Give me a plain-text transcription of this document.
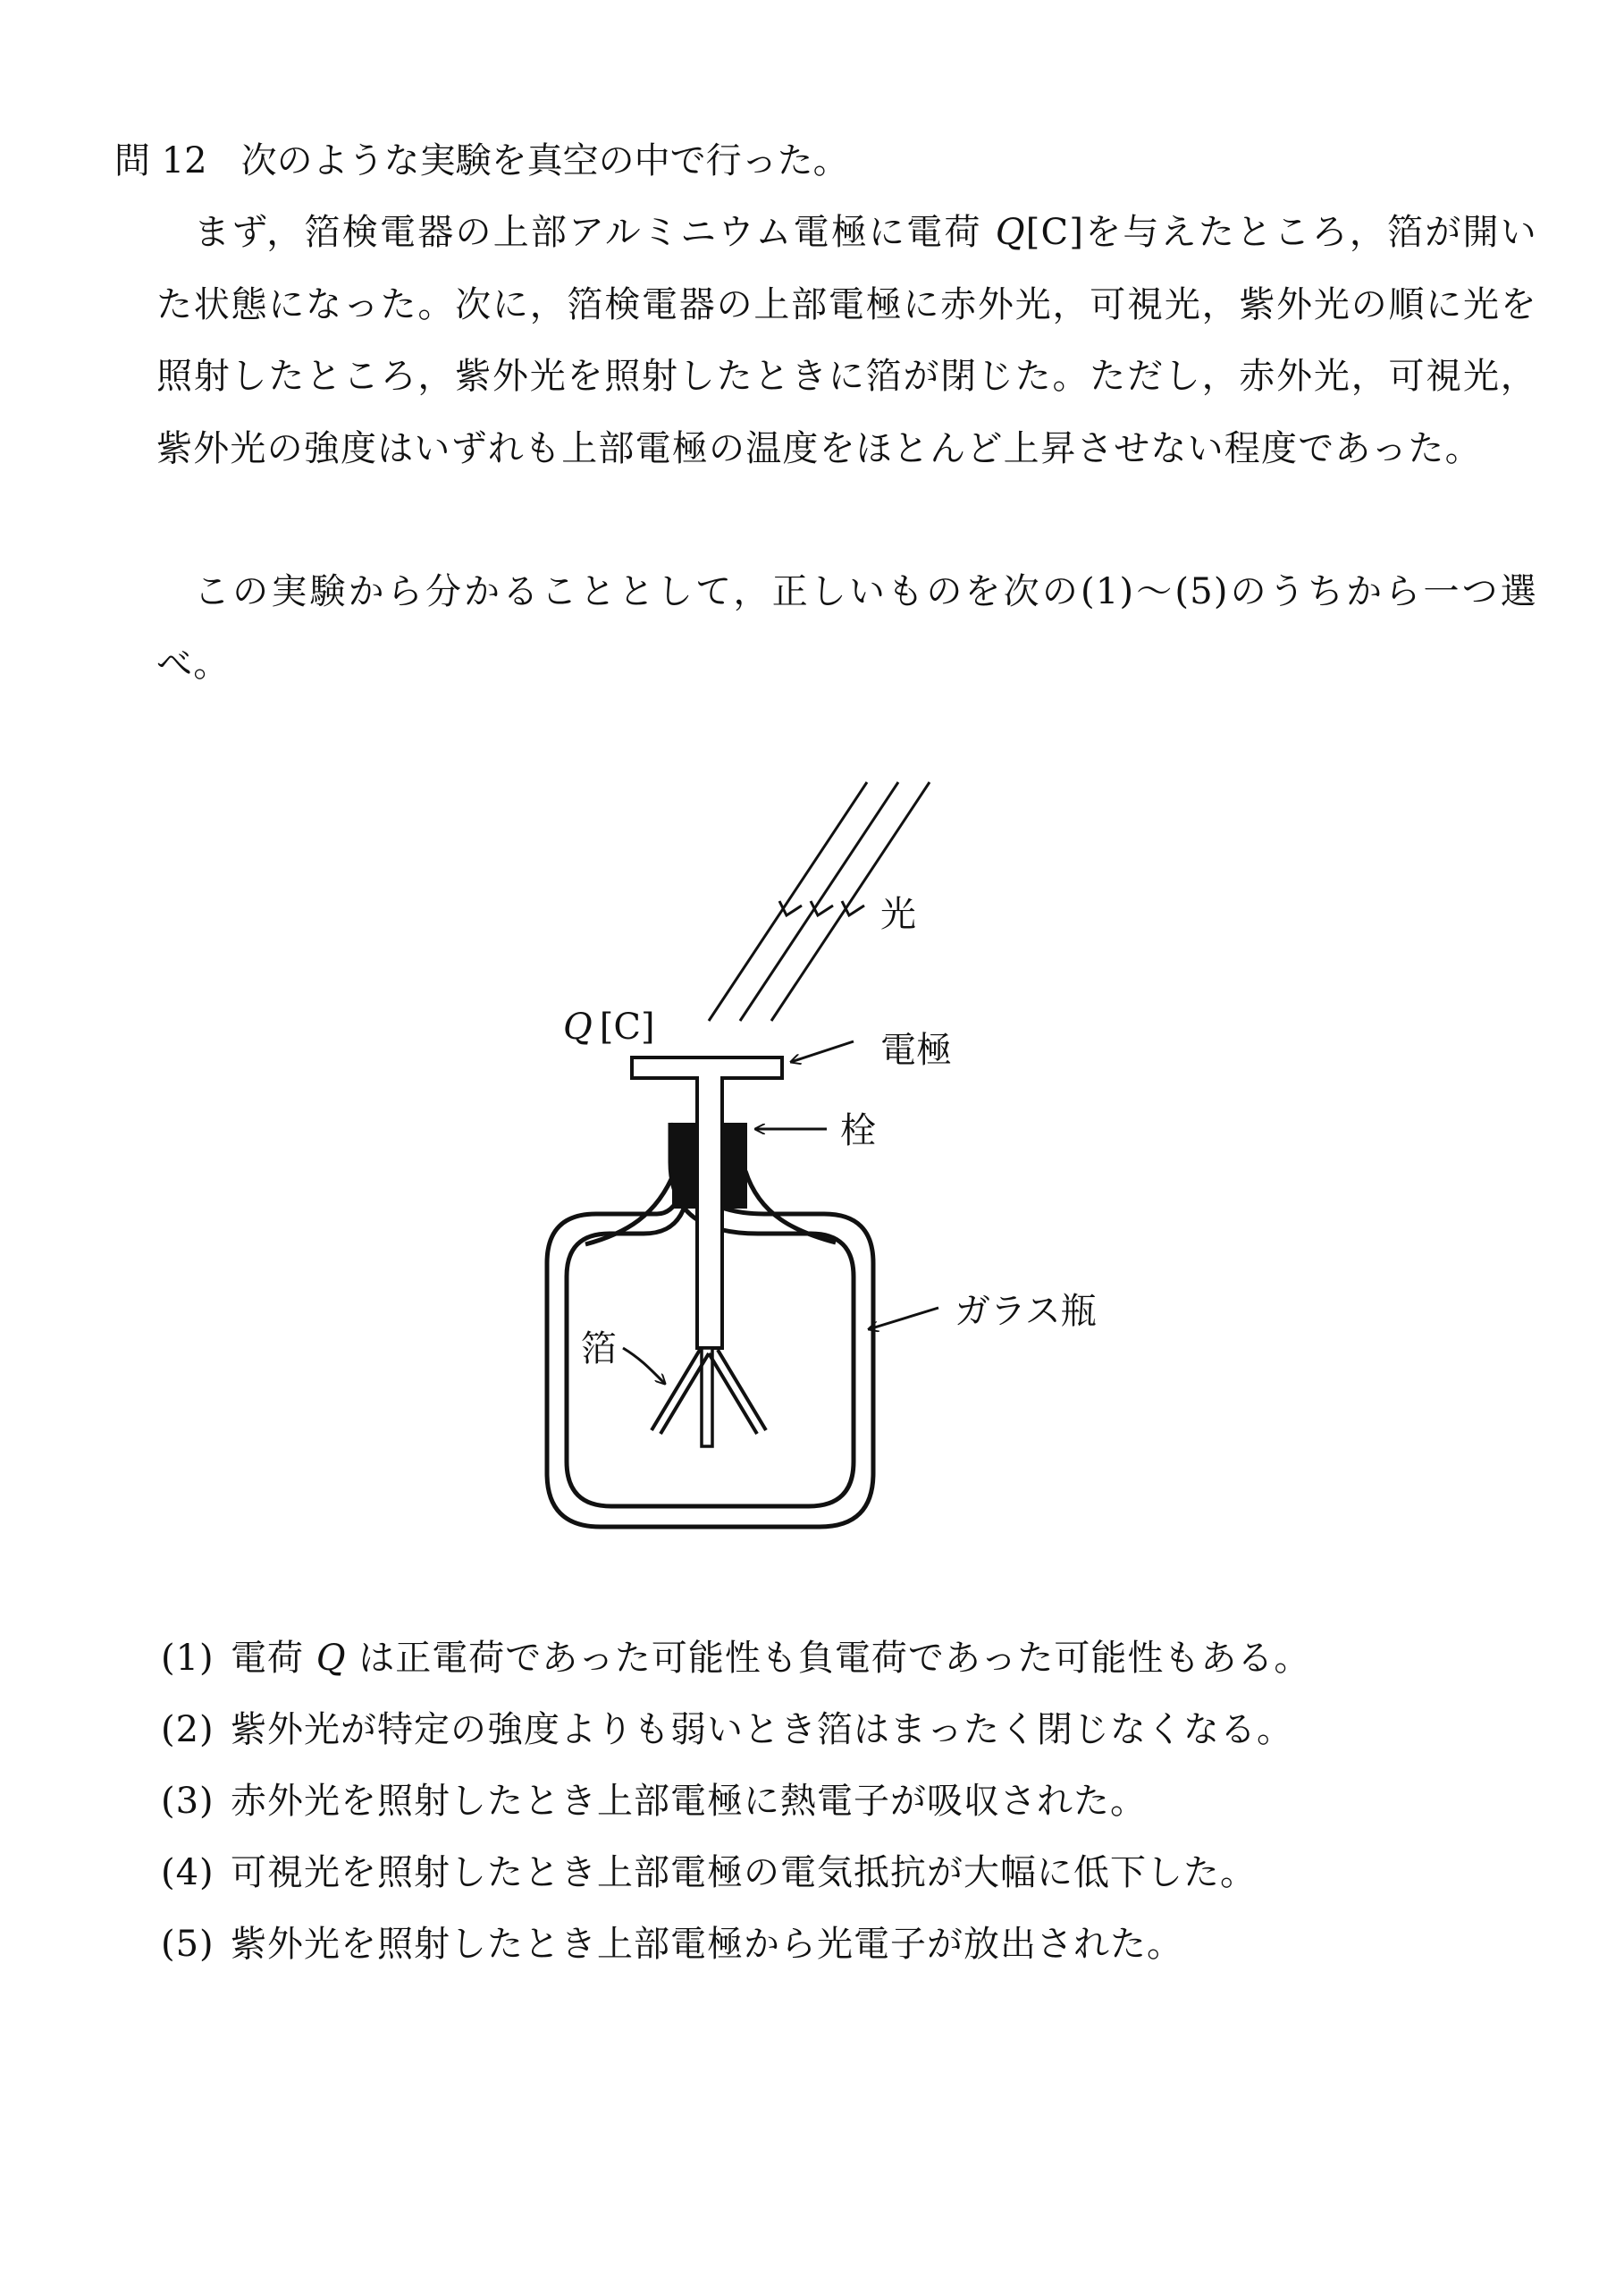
問 12 次のような実験を真空の中で行った。
まず，箔検電器の上部アルミニウム電極に電荷 Q[C]を与えたところ，箔が開いた状態になった。次に，箔検電器の上部電極に赤外光，可視光，紫外光の順に光を照射したところ，紫外光を照射したときに箔が閉じた。ただし，赤外光，可視光，紫外光の強度はいずれも上部電極の温度をほとんど上昇させない程度であった。
この実験から分かることとして，正しいものを次の(1)～(5)のうちから一つ選べ。
光
Q [C]
電極
栓
ガラス瓶
箔
(1) 電荷 Q は正電荷であった可能性も負電荷であった可能性もある。
(2) 紫外光が特定の強度よりも弱いとき箔はまったく閉じなくなる。
(3) 赤外光を照射したとき上部電極に熱電子が吸収された。
(4) 可視光を照射したとき上部電極の電気抵抗が大幅に低下した。
(5) 紫外光を照射したとき上部電極から光電子が放出された。
